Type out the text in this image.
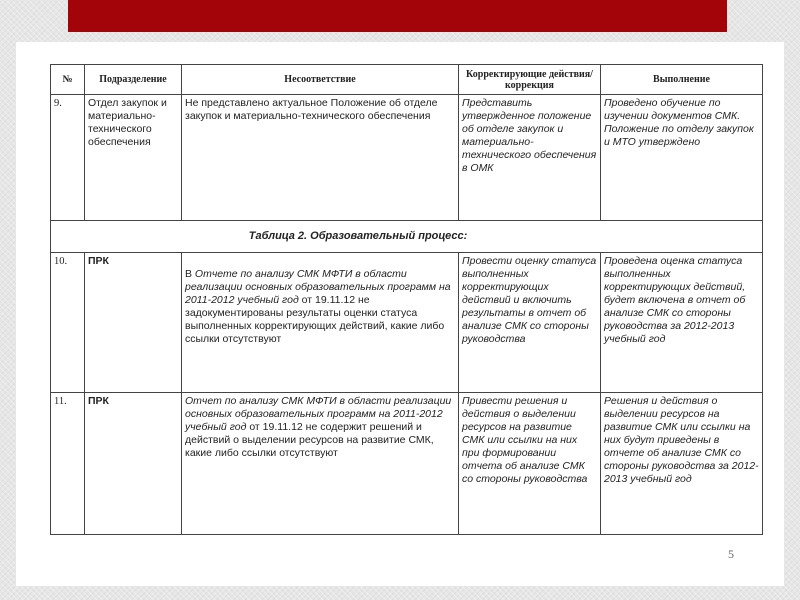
№	Подразделение	Несоответствие	Корректирующие действия/коррекция	Выполнение
9.	Отдел закупок и материально-технического обеспечения	Не представлено актуальное Положение об отделе закупок и материально-технического обеспечения	Представить утвержденное положение об отделе закупок и материально-технического обеспечения в ОМК	Проведено обучение по изучении документов СМК. Положение по отделу закупок и МТО утверждено
Таблица 2. Образовательный процесс:				
10.	ПРК	В Отчете по анализу СМК МФТИ в области реализации основных образовательных программ на 2011-2012 учебный год от 19.11.12 не задокументированы результаты оценки статуса выполненных корректирующих действий, какие либо ссылки отсутствуют	Провести оценку статуса выполненных корректирующих действий и включить результаты в отчет об анализе СМК со стороны руководства	Проведена оценка статуса выполненных корректирующих действий, будет включена в отчет об анализе СМК со стороны руководства за 2012-2013 учебный год
11.	ПРК	Отчет по анализу СМК МФТИ в области реализации основных образовательных программ на 2011-2012 учебный год от 19.11.12 не содержит решений и действий о выделении ресурсов на развитие СМК, какие либо ссылки отсутствуют	Привести решения и действия о выделении ресурсов на развитие СМК или ссылки на них при формировании отчета об анализе СМК со стороны руководства	Решения и действия о выделении ресурсов на развитие СМК или ссылки на них будут приведены в отчете об анализе СМК со стороны руководства за 2012-2013 учебный год
5
